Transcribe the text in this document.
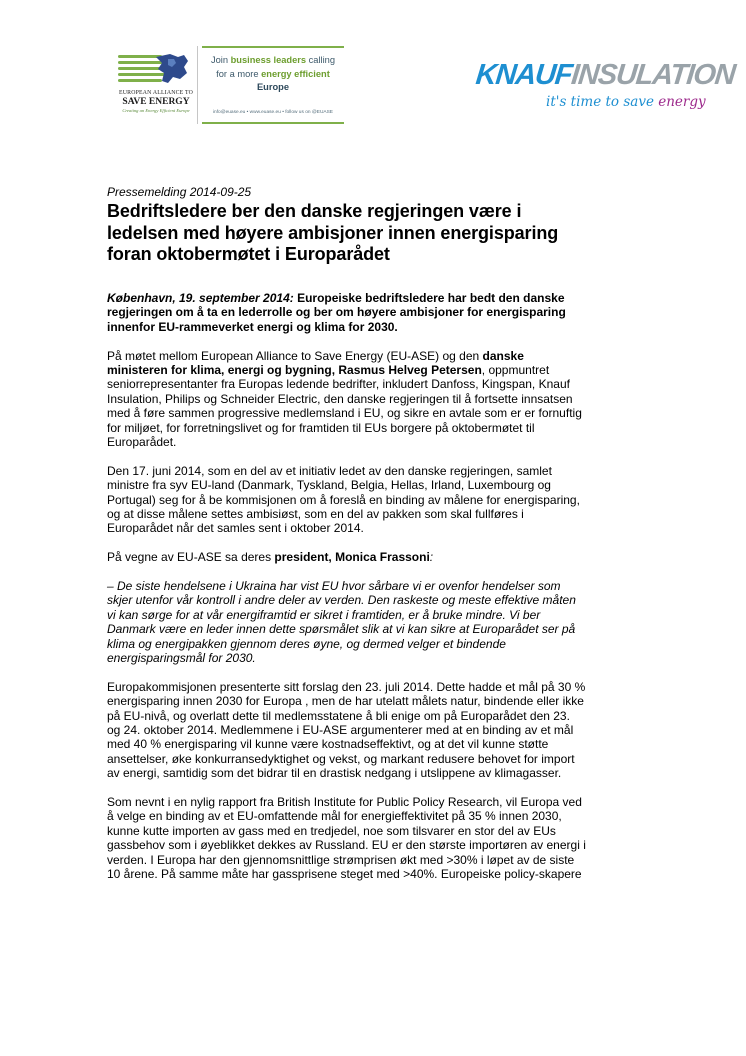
EUROPEAN ALLIANCE TO
SAVE ENERGY
Creating an Energy Efficient Europe
Join business leaders calling
for a more energy efficient
Europe
info@euase.eu • www.euase.eu • follow us on @EUASE
KNAUFINSULATION
it's time to save energy

Pressemelding 2014-09-25

Bedriftsledere ber den danske regjeringen være i
ledelsen med høyere ambisjoner innen energisparing
foran oktobermøtet i Europarådet

København, 19. september 2014: Europeiske bedriftsledere har bedt den danske
regjeringen om å ta en lederrolle og ber om høyere ambisjoner for energisparing
innenfor EU-rammeverket energi og klima for 2030.

På møtet mellom European Alliance to Save Energy (EU-ASE) og den danske
ministeren for klima, energi og bygning, Rasmus Helveg Petersen, oppmuntret
seniorrepresentanter fra Europas ledende bedrifter, inkludert Danfoss, Kingspan, Knauf
Insulation, Philips og Schneider Electric, den danske regjeringen til å fortsette innsatsen
med å føre sammen progressive medlemsland i EU, og sikre en avtale som er er fornuftig
for miljøet, for forretningslivet og for framtiden til EUs borgere på oktobermøtet til
Europarådet.

Den 17. juni 2014, som en del av et initiativ ledet av den danske regjeringen, samlet
ministre fra syv EU-land (Danmark, Tyskland, Belgia, Hellas, Irland, Luxembourg og
Portugal) seg for å be kommisjonen om å foreslå en binding av målene for energisparing,
og at disse målene settes ambisiøst, som en del av pakken som skal fullføres i
Europarådet når det samles sent i oktober 2014.

På vegne av EU-ASE sa deres president, Monica Frassoni:

– De siste hendelsene i Ukraina har vist EU hvor sårbare vi er ovenfor hendelser som
skjer utenfor vår kontroll i andre deler av verden. Den raskeste og meste effektive måten
vi kan sørge for at vår energiframtid er sikret i framtiden, er å bruke mindre. Vi ber
Danmark være en leder innen dette spørsmålet slik at vi kan sikre at Europarådet ser på
klima og energipakken gjennom deres øyne, og dermed velger et bindende
energisparingsmål for 2030.

Europakommisjonen presenterte sitt forslag den 23. juli 2014. Dette hadde et mål på 30 %
energisparing innen 2030 for Europa , men de har utelatt målets natur, bindende eller ikke
på EU-nivå, og overlatt dette til medlemsstatene å bli enige om på Europarådet den 23.
og 24. oktober 2014. Medlemmene i EU-ASE argumenterer med at en binding av et mål
med 40 % energisparing vil kunne være kostnadseffektivt, og at det vil kunne støtte
ansettelser, øke konkurransedyktighet og vekst, og markant redusere behovet for import
av energi, samtidig som det bidrar til en drastisk nedgang i utslippene av klimagasser.

Som nevnt i en nylig rapport fra British Institute for Public Policy Research, vil Europa ved
å velge en binding av et EU-omfattende mål for energieffektivitet på 35 % innen 2030,
kunne kutte importen av gass med en tredjedel, noe som tilsvarer en stor del av EUs
gassbehov som i øyeblikket dekkes av Russland. EU er den største importøren av energi i
verden. I Europa har den gjennomsnittlige strømprisen økt med >30% i løpet av de siste
10 årene. På samme måte har gassprisene steget med >40%. Europeiske policy-skapere
